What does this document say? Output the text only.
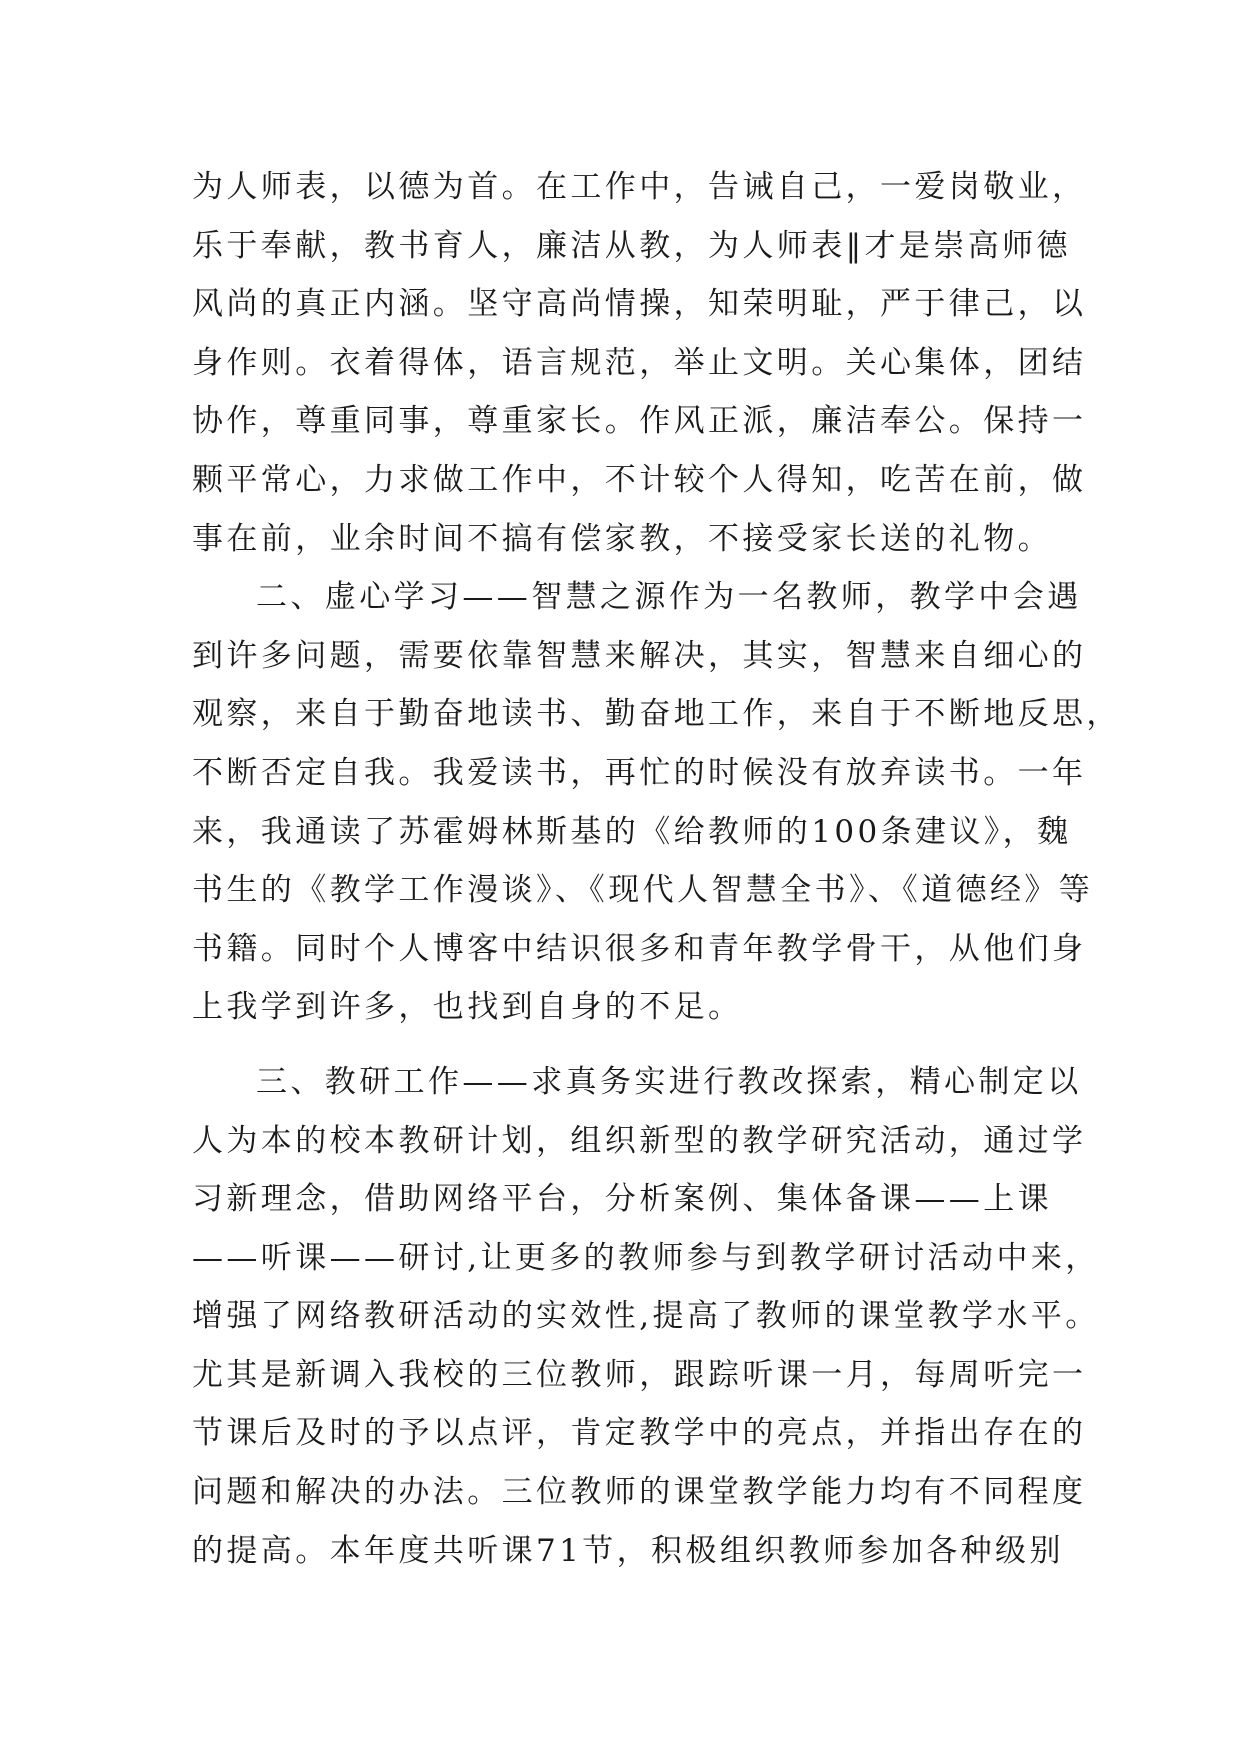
为人师表，以德为首。在工作中，告诫自己，一爱岗敬业，
乐于奉献，教书育人，廉洁从教，为人师表‖才是崇高师德
风尚的真正内涵。坚守高尚情操，知荣明耻，严于律己，以
身作则。衣着得体，语言规范，举止文明。关心集体，团结
协作，尊重同事，尊重家长。作风正派，廉洁奉公。保持一
颗平常心，力求做工作中，不计较个人得知，吃苦在前，做
事在前，业余时间不搞有偿家教，不接受家长送的礼物。
二、虚心学习——智慧之源作为一名教师，教学中会遇
到许多问题，需要依靠智慧来解决，其实，智慧来自细心的
观察，来自于勤奋地读书、勤奋地工作，来自于不断地反思，
不断否定自我。我爱读书，再忙的时候没有放弃读书。一年
来，我通读了苏霍姆林斯基的《给教师的100条建议》，魏
书生的《教学工作漫谈》、《现代人智慧全书》、《道德经》等
书籍。同时个人博客中结识很多和青年教学骨干，从他们身
上我学到许多，也找到自身的不足。
三、教研工作——求真务实进行教改探索，精心制定以
人为本的校本教研计划，组织新型的教学研究活动，通过学
习新理念，借助网络平台，分析案例、集体备课——上课
——听课——研讨,让更多的教师参与到教学研讨活动中来，
增强了网络教研活动的实效性,提高了教师的课堂教学水平。
尤其是新调入我校的三位教师，跟踪听课一月，每周听完一
节课后及时的予以点评，肯定教学中的亮点，并指出存在的
问题和解决的办法。三位教师的课堂教学能力均有不同程度
的提高。本年度共听课71节，积极组织教师参加各种级别
